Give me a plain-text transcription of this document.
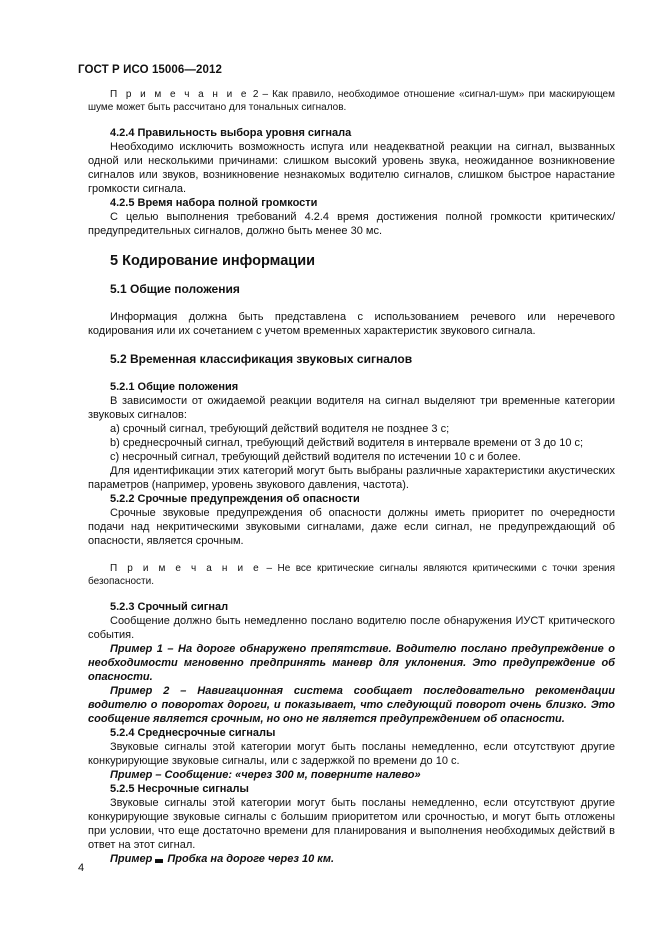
ГОСТ Р ИСО 15006—2012

П р и м е ч а н и е 2 – Как правило, необходимое отношение «сигнал-шум» при маскирующем шуме может быть рассчитано для тональных сигналов.

4.2.4 Правильность выбора уровня сигнала

Необходимо исключить возможность испуга или неадекватной реакции на сигнал, вызванных одной или несколькими причинами: слишком высокий уровень звука, неожиданное возникновение сигналов или звуков, возникновение незнакомых водителю сигналов, слишком быстрое нарастание громкости сигнала.

4.2.5 Время набора полной громкости

С целью выполнения требований 4.2.4 время достижения полной громкости критических/предупредительных сигналов, должно быть менее 30 мс.

5 Кодирование информации
5.1 Общие положения

Информация должна быть представлена с использованием речевого или неречевого кодирования или их сочетанием с учетом временных характеристик звукового сигнала.

5.2 Временная классификация звуковых сигналов
5.2.1 Общие положения

В зависимости от ожидаемой реакции водителя на сигнал выделяют три временные категории звуковых сигналов:

a) срочный сигнал, требующий действий водителя не позднее 3 с;

b) среднесрочный сигнал, требующий действий водителя в интервале времени от 3 до 10 с;

c) несрочный сигнал, требующий действий водителя по истечении 10 с и более.

Для идентификации этих категорий могут быть выбраны различные характеристики акустических параметров (например, уровень звукового давления, частота).

5.2.2 Срочные предупреждения об опасности

Срочные звуковые предупреждения об опасности должны иметь приоритет по очередности подачи над некритическими звуковыми сигналами, даже если сигнал, не предупреждающий об опасности, является срочным.

П р и м е ч а н и е – Не все критические сигналы являются критическими с точки зрения безопасности.

5.2.3 Срочный сигнал

Сообщение должно быть немедленно послано водителю после обнаружения ИУСТ критического события.

Пример 1 – На дороге обнаружено препятствие. Водителю послано предупреждение о необходимости мгновенно предпринять маневр для уклонения. Это предупреждение об опасности.

Пример 2 – Навигационная система сообщает последовательно рекомендации водителю о поворотах дороги, и показывает, что следующий поворот очень близко. Это сообщение является срочным, но оно не является предупреждением об опасности.

5.2.4 Среднесрочные сигналы

Звуковые сигналы этой категории могут быть посланы немедленно, если отсутствуют другие конкурирующие звуковые сигналы, или с задержкой по времени до 10 с.

Пример – Сообщение: «через 300 м, поверните налево»

5.2.5 Несрочные сигналы

Звуковые сигналы этой категории могут быть посланы немедленно, если отсутствуют другие конкурирующие звуковые сигналы с большим приоритетом или срочностью, и могут быть отложены при условии, что еще достаточно времени для планирования и выполнения необходимых действий в ответ на этот сигнал.

Пример Пробка на дороге через 10 км.

4
